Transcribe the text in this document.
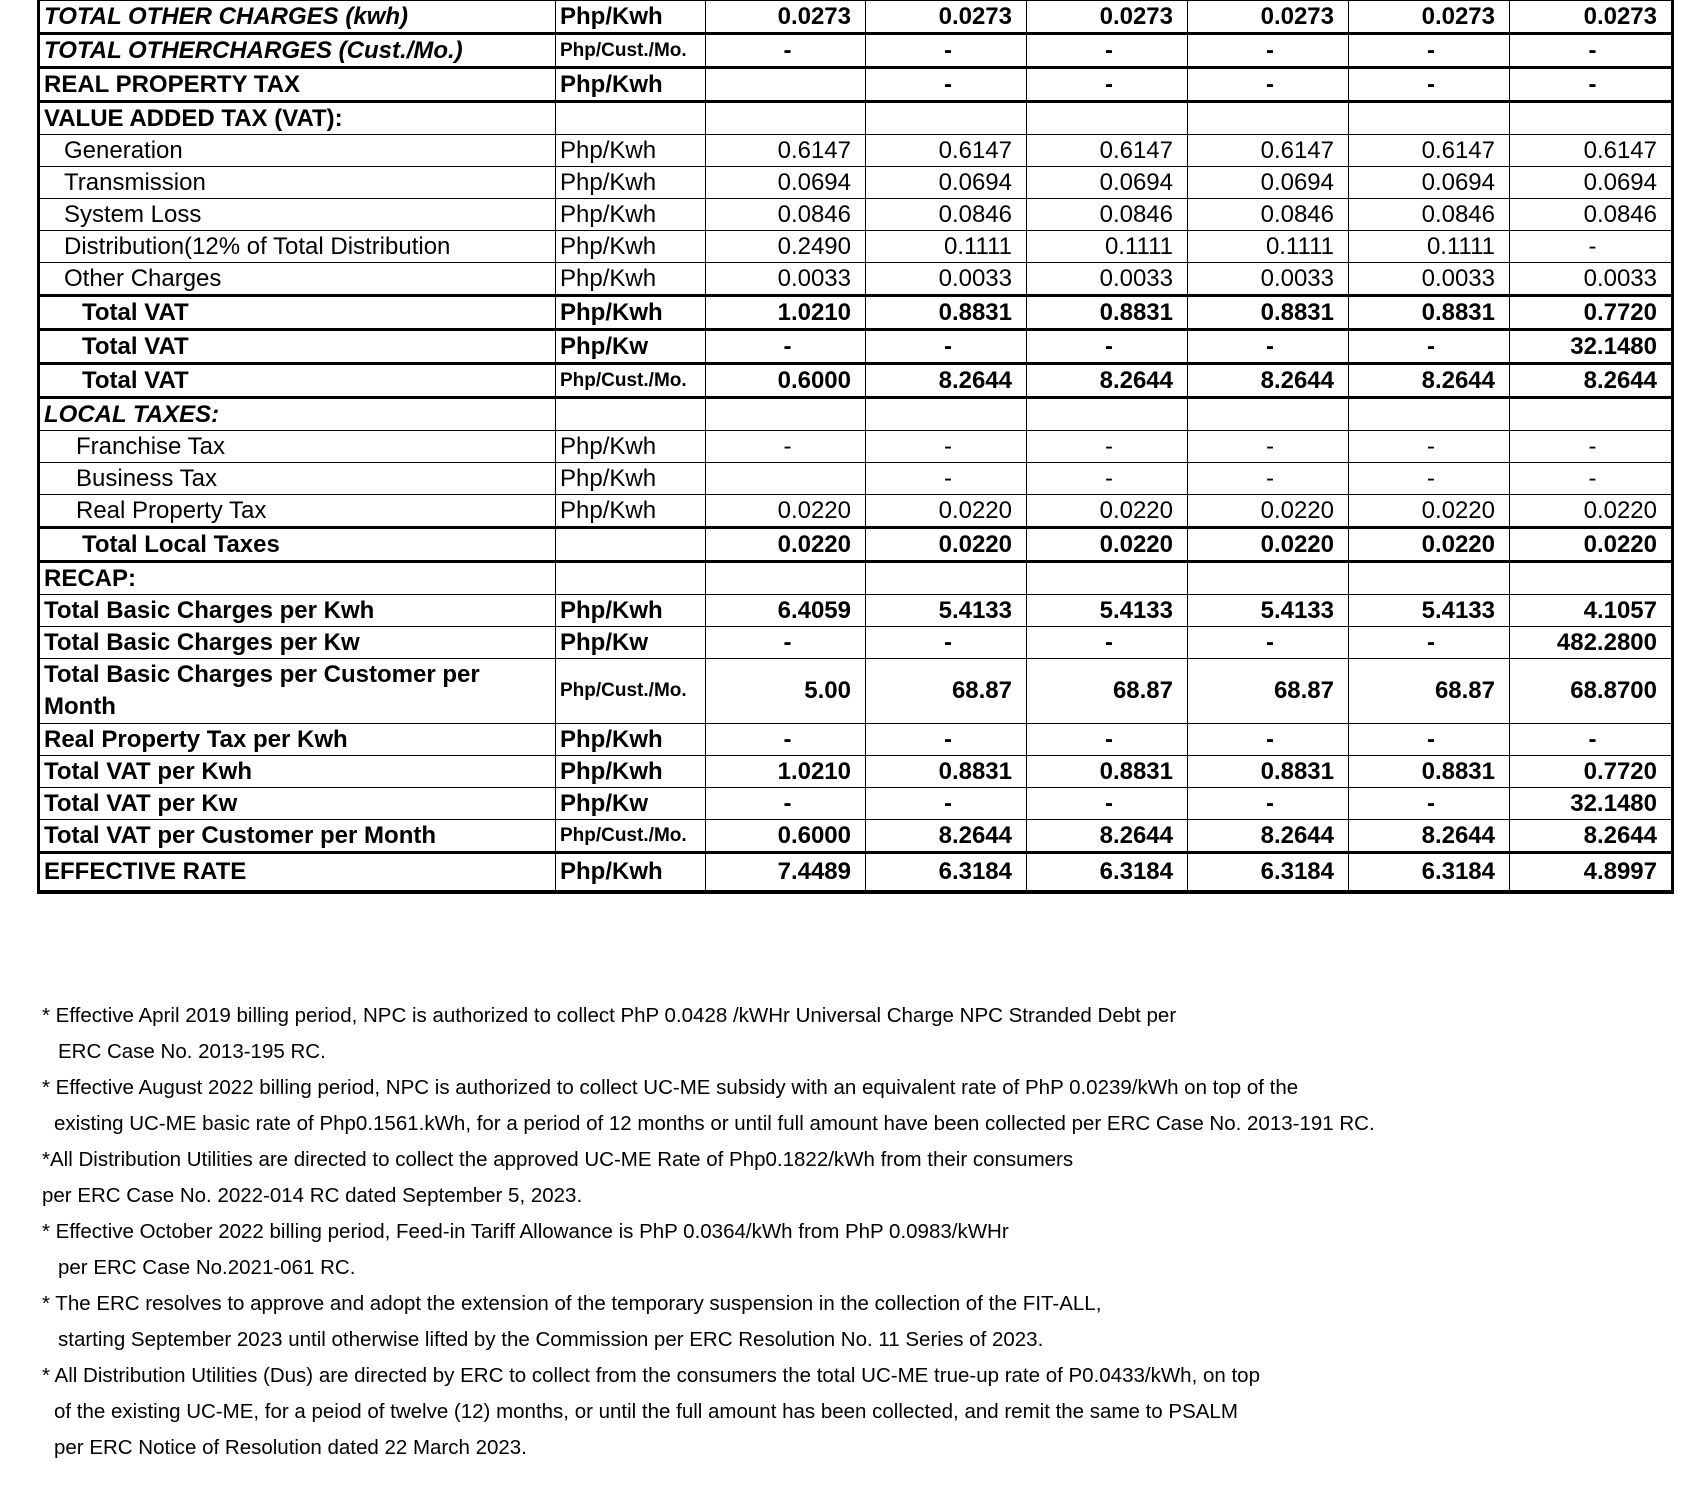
TOTAL OTHER CHARGES (kwh)	Php/Kwh	0.0273	0.0273	0.0273	0.0273	0.0273	0.0273
TOTAL OTHERCHARGES (Cust./Mo.)	Php/Cust./Mo.	-	-	-	-	-	-
REAL PROPERTY TAX	Php/Kwh		-	-	-	-	-
VALUE ADDED TAX (VAT):							
Generation	Php/Kwh	0.6147	0.6147	0.6147	0.6147	0.6147	0.6147
Transmission	Php/Kwh	0.0694	0.0694	0.0694	0.0694	0.0694	0.0694
System Loss	Php/Kwh	0.0846	0.0846	0.0846	0.0846	0.0846	0.0846
Distribution(12% of Total Distribution	Php/Kwh	0.2490	0.1111	0.1111	0.1111	0.1111	-
Other Charges	Php/Kwh	0.0033	0.0033	0.0033	0.0033	0.0033	0.0033
Total VAT	Php/Kwh	1.0210	0.8831	0.8831	0.8831	0.8831	0.7720
Total VAT	Php/Kw	-	-	-	-	-	32.1480
Total VAT	Php/Cust./Mo.	0.6000	8.2644	8.2644	8.2644	8.2644	8.2644
LOCAL TAXES:							
Franchise Tax	Php/Kwh	-	-	-	-	-	-
Business Tax	Php/Kwh		-	-	-	-	-
Real Property Tax	Php/Kwh	0.0220	0.0220	0.0220	0.0220	0.0220	0.0220
Total Local Taxes		0.0220	0.0220	0.0220	0.0220	0.0220	0.0220
RECAP:							
Total Basic Charges per Kwh	Php/Kwh	6.4059	5.4133	5.4133	5.4133	5.4133	4.1057
Total Basic Charges per Kw	Php/Kw	-	-	-	-	-	482.2800
Total Basic Charges per Customer per Month	Php/Cust./Mo.	5.00	68.87	68.87	68.87	68.87	68.8700
Real Property Tax per Kwh	Php/Kwh	-	-	-	-	-	-
Total VAT per Kwh	Php/Kwh	1.0210	0.8831	0.8831	0.8831	0.8831	0.7720
Total VAT per Kw	Php/Kw	-	-	-	-	-	32.1480
Total VAT per Customer per Month	Php/Cust./Mo.	0.6000	8.2644	8.2644	8.2644	8.2644	8.2644
EFFECTIVE RATE	Php/Kwh	7.4489	6.3184	6.3184	6.3184	6.3184	4.8997
* Effective April 2019 billing period, NPC is authorized to collect PhP 0.0428 /kWHr Universal Charge NPC Stranded Debt per
ERC Case No. 2013-195 RC.
* Effective August 2022 billing period, NPC is authorized to collect UC-ME subsidy with an equivalent rate of PhP 0.0239/kWh on top of the
existing UC-ME basic rate of Php0.1561.kWh, for a period of 12 months or until full amount have been collected per ERC Case No. 2013-191 RC.
*All Distribution Utilities are directed to collect the approved UC-ME Rate of Php0.1822/kWh from their consumers
per ERC Case No. 2022-014 RC dated September 5, 2023.
* Effective October 2022 billing period, Feed-in Tariff Allowance is PhP 0.0364/kWh from PhP 0.0983/kWHr
per ERC Case No.2021-061 RC.
* The ERC resolves to approve and adopt the extension of the temporary suspension in the collection of the FIT-ALL,
starting September 2023 until otherwise lifted by the Commission per ERC Resolution No. 11 Series of 2023.
* All Distribution Utilities (Dus) are directed by ERC to collect from the consumers the total UC-ME true-up rate of P0.0433/kWh, on top
of the existing UC-ME, for a peiod of twelve (12) months, or until the full amount has been collected, and remit the same to PSALM
per ERC Notice of Resolution dated 22 March 2023.
